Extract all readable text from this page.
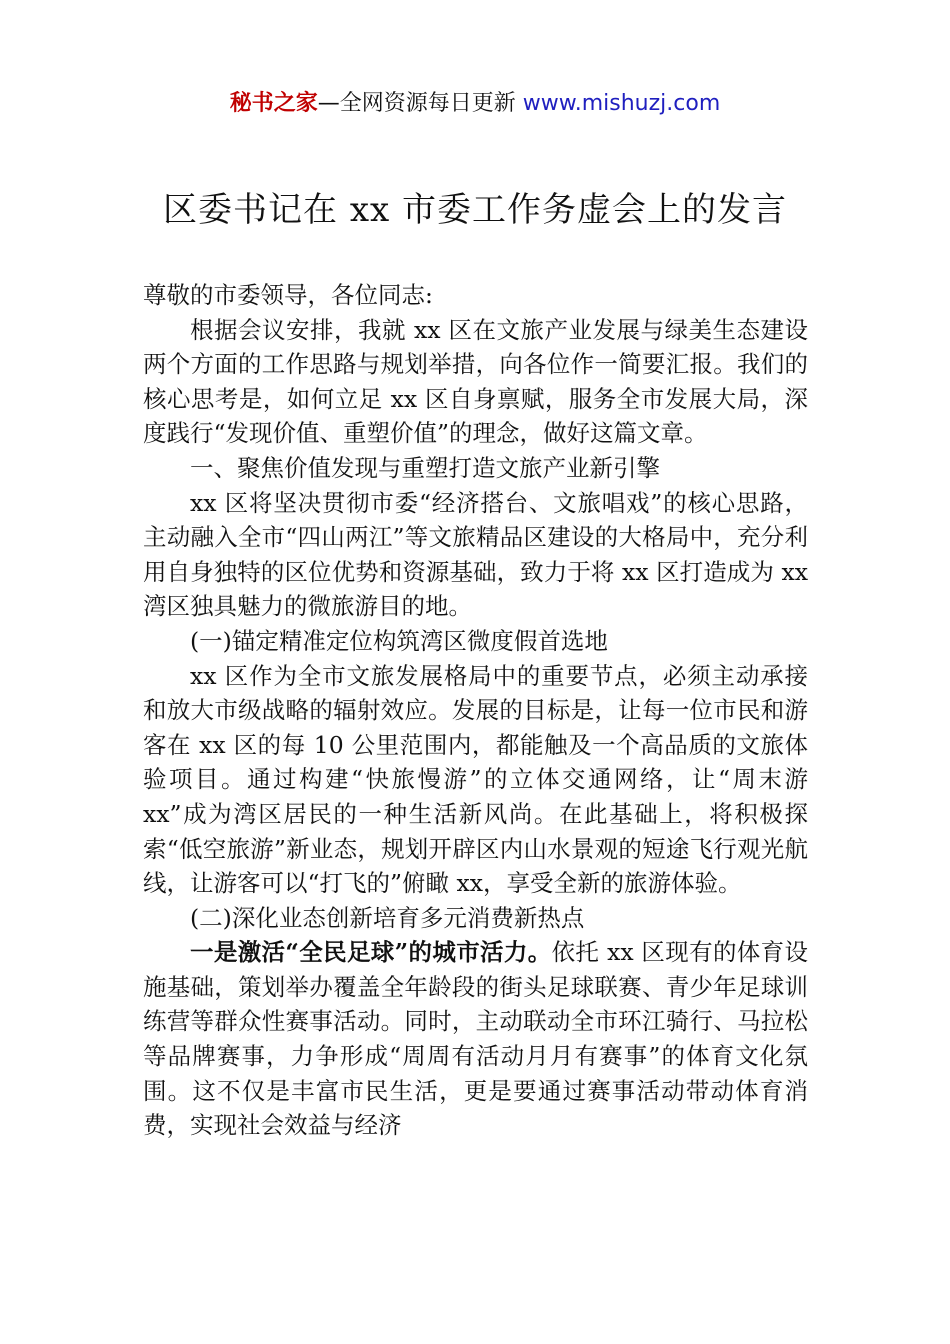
秘书之家—全网资源每日更新 www.mishuzj.com
区委书记在 xx 市委工作务虚会上的发言

尊敬的市委领导，各位同志:

根据会议安排，我就 xx 区在文旅产业发展与绿美生态建设两个方面的工作思路与规划举措，向各位作一简要汇报。我们的核心思考是，如何立足 xx 区自身禀赋，服务全市发展大局，深度践行“发现价值、重塑价值”的理念，做好这篇文章。

一、聚焦价值发现与重塑打造文旅产业新引擎

xx 区将坚决贯彻市委“经济搭台、文旅唱戏”的核心思路，主动融入全市“四山两江”等文旅精品区建设的大格局中，充分利用自身独特的区位优势和资源基础，致力于将 xx 区打造成为 xx 湾区独具魅力的微旅游目的地。

(一)锚定精准定位构筑湾区微度假首选地

xx 区作为全市文旅发展格局中的重要节点，必须主动承接和放大市级战略的辐射效应。发展的目标是，让每一位市民和游客在 xx 区的每 10 公里范围内，都能触及一个高品质的文旅体验项目。通过构建“快旅慢游”的立体交通网络，让“周末游 xx”成为湾区居民的一种生活新风尚。在此基础上，将积极探索“低空旅游”新业态，规划开辟区内山水景观的短途飞行观光航线，让游客可以“打飞的”俯瞰 xx，享受全新的旅游体验。

(二)深化业态创新培育多元消费新热点

一是激活“全民足球”的城市活力。依托 xx 区现有的体育设施基础，策划举办覆盖全年龄段的街头足球联赛、青少年足球训练营等群众性赛事活动。同时，主动联动全市环江骑行、马拉松等品牌赛事，力争形成“周周有活动月月有赛事”的体育文化氛围。这不仅是丰富市民生活，更是要通过赛事活动带动体育消费，实现社会效益与经济
